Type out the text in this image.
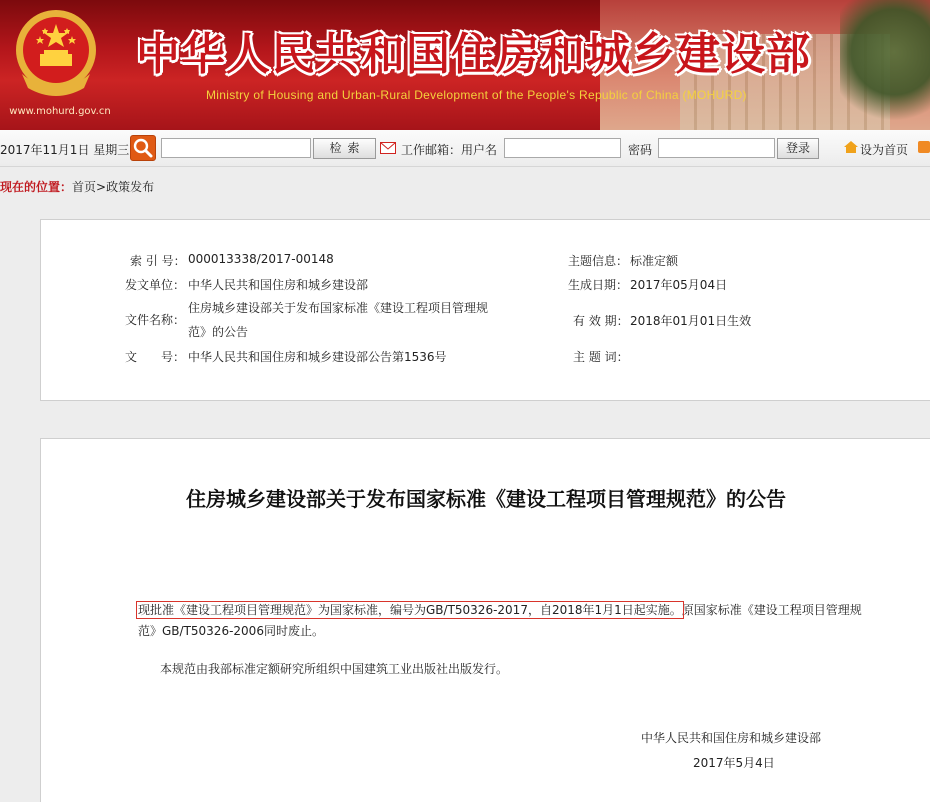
www.mohurd.gov.cn
中华人民共和国住房和城乡建设部
Ministry of Housing and Urban-Rural Development of the People's Republic of China (MOHURD)
2017年11月1日 星期三	检索	工作邮箱：用户名	密码	登录	设为首页
现在的位置：首页>政策发布
索 引 号： 000013338/2017-00148
发文单位： 中华人民共和国住房和城乡建设部
文件名称：
住房城乡建设部关于发布国家标准《建设工程项目管理规
范》的公告
文　　号： 中华人民共和国住房和城乡建设部公告第1536号
主题信息： 标准定额
生成日期： 2017年05月04日
有 效 期： 2018年01月01日生效
主 题 词：
住房城乡建设部关于发布国家标准《建设工程项目管理规范》的公告
现批准《建设工程项目管理规范》为国家标准，编号为GB/T50326-2017，自2018年1月1日起实施。原国家标准《建设工程项目管理规范》GB/T50326-2006同时废止。
本规范由我部标准定额研究所组织中国建筑工业出版社出版发行。
中华人民共和国住房和城乡建设部
2017年5月4日
